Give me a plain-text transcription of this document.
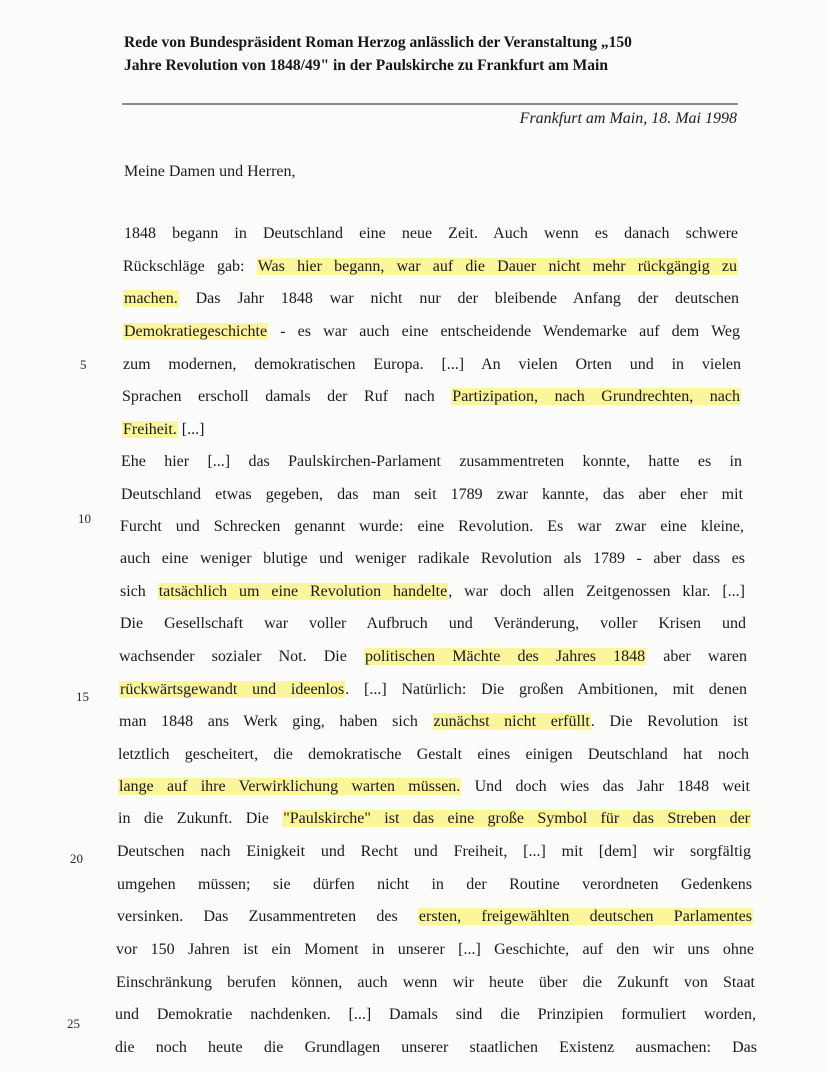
Rede von Bundespräsident Roman Herzog anlässlich der Veranstaltung „150
Jahre Revolution von 1848/49" in der Paulskirche zu Frankfurt am Main
Frankfurt am Main, 18. Mai 1998
Meine Damen und Herren,
1848 begann in Deutschland eine neue Zeit. Auch wenn es danach schwere
Rückschläge gab: Was hier begann, war auf die Dauer nicht mehr rückgängig zu
machen. Das Jahr 1848 war nicht nur der bleibende Anfang der deutschen
Demokratiegeschichte - es war auch eine entscheidende Wendemarke auf dem Weg
zum modernen, demokratischen Europa. [...] An vielen Orten und in vielen
Sprachen erscholl damals der Ruf nach Partizipation, nach Grundrechten, nach
Freiheit. [...]
Ehe hier [...] das Paulskirchen-Parlament zusammentreten konnte, hatte es in
Deutschland etwas gegeben, das man seit 1789 zwar kannte, das aber eher mit
Furcht und Schrecken genannt wurde: eine Revolution. Es war zwar eine kleine,
auch eine weniger blutige und weniger radikale Revolution als 1789 - aber dass es
sich tatsächlich um eine Revolution handelte, war doch allen Zeitgenossen klar. [...]
Die Gesellschaft war voller Aufbruch und Veränderung, voller Krisen und
wachsender sozialer Not. Die politischen Mächte des Jahres 1848 aber waren
rückwärtsgewandt und ideenlos. [...] Natürlich: Die großen Ambitionen, mit denen
man 1848 ans Werk ging, haben sich zunächst nicht erfüllt. Die Revolution ist
letztlich gescheitert, die demokratische Gestalt eines einigen Deutschland hat noch
lange auf ihre Verwirklichung warten müssen. Und doch wies das Jahr 1848 weit
in die Zukunft. Die "Paulskirche" ist das eine große Symbol für das Streben der
Deutschen nach Einigkeit und Recht und Freiheit, [...] mit [dem] wir sorgfältig
umgehen müssen; sie dürfen nicht in der Routine verordneten Gedenkens
versinken. Das Zusammentreten des ersten, freigewählten deutschen Parlamentes
vor 150 Jahren ist ein Moment in unserer [...] Geschichte, auf den wir uns ohne
Einschränkung berufen können, auch wenn wir heute über die Zukunft von Staat
und Demokratie nachdenken. [...] Damals sind die Prinzipien formuliert worden,
die noch heute die Grundlagen unserer staatlichen Existenz ausmachen: Das
5
10
15
20
25
